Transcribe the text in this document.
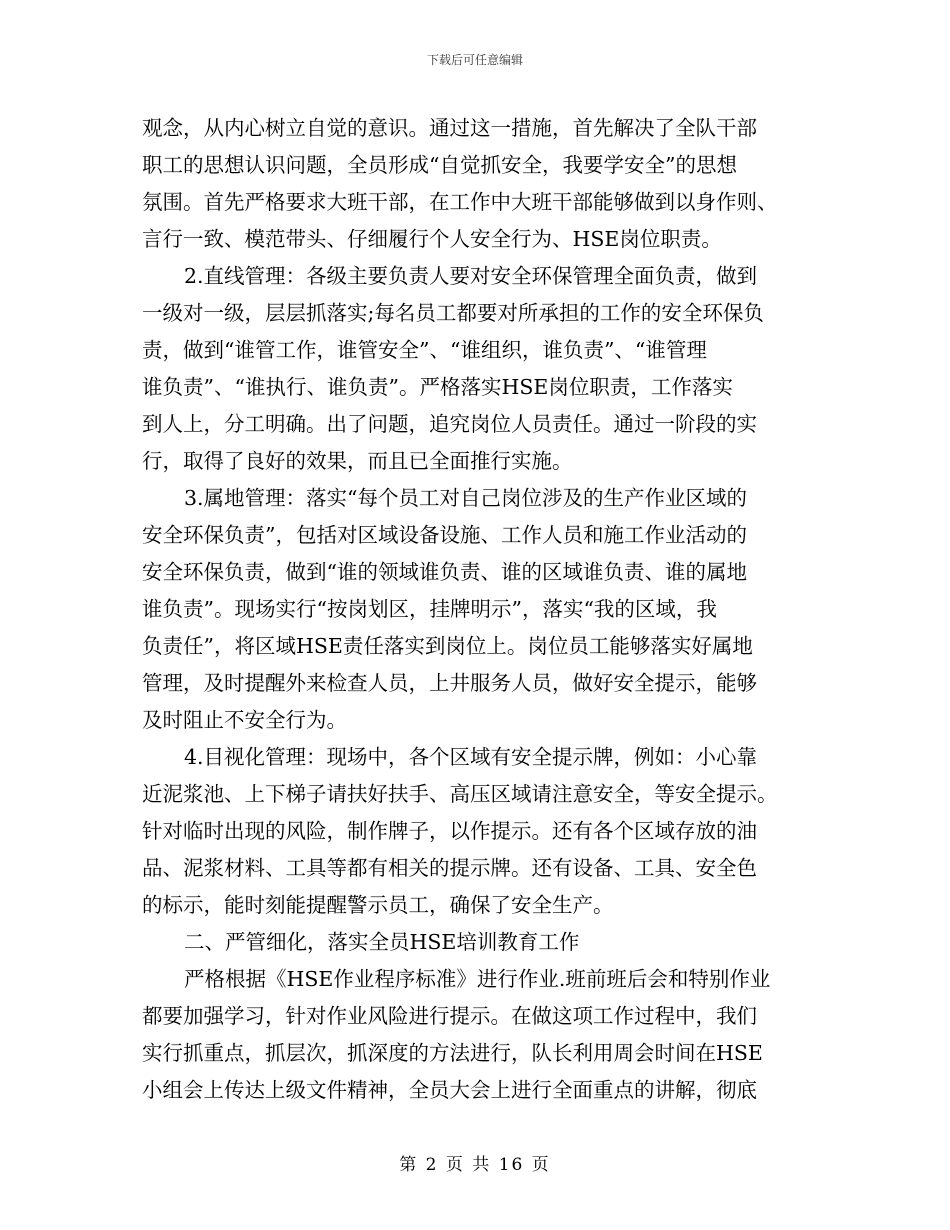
下载后可任意编辑
观念，从内心树立自觉的意识。通过这一措施，首先解决了全队干部
职工的思想认识问题，全员形成“自觉抓安全，我要学安全”的思想
氛围。首先严格要求大班干部，在工作中大班干部能够做到以身作则、
言行一致、模范带头、仔细履行个人安全行为、HSE岗位职责。
2.直线管理：各级主要负责人要对安全环保管理全面负责，做到
一级对一级，层层抓落实;每名员工都要对所承担的工作的安全环保负
责，做到“谁管工作，谁管安全”、“谁组织，谁负责”、“谁管理
谁负责”、“谁执行、谁负责”。严格落实HSE岗位职责，工作落实
到人上，分工明确。出了问题，追究岗位人员责任。通过一阶段的实
行，取得了良好的效果，而且已全面推行实施。
3.属地管理：落实“每个员工对自己岗位涉及的生产作业区域的
安全环保负责”，包括对区域设备设施、工作人员和施工作业活动的
安全环保负责，做到“谁的领域谁负责、谁的区域谁负责、谁的属地
谁负责”。现场实行“按岗划区，挂牌明示”，落实“我的区域，我
负责任”，将区域HSE责任落实到岗位上。岗位员工能够落实好属地
管理，及时提醒外来检查人员，上井服务人员，做好安全提示，能够
及时阻止不安全行为。
4.目视化管理：现场中，各个区域有安全提示牌，例如：小心靠
近泥浆池、上下梯子请扶好扶手、高压区域请注意安全，等安全提示。
针对临时出现的风险，制作牌子，以作提示。还有各个区域存放的油
品、泥浆材料、工具等都有相关的提示牌。还有设备、工具、安全色
的标示，能时刻能提醒警示员工，确保了安全生产。
二、严管细化，落实全员HSE培训教育工作
严格根据《HSE作业程序标准》进行作业.班前班后会和特别作业
都要加强学习，针对作业风险进行提示。在做这项工作过程中，我们
实行抓重点，抓层次，抓深度的方法进行，队长利用周会时间在HSE
小组会上传达上级文件精神，全员大会上进行全面重点的讲解，彻底
第 2 页 共 16 页
